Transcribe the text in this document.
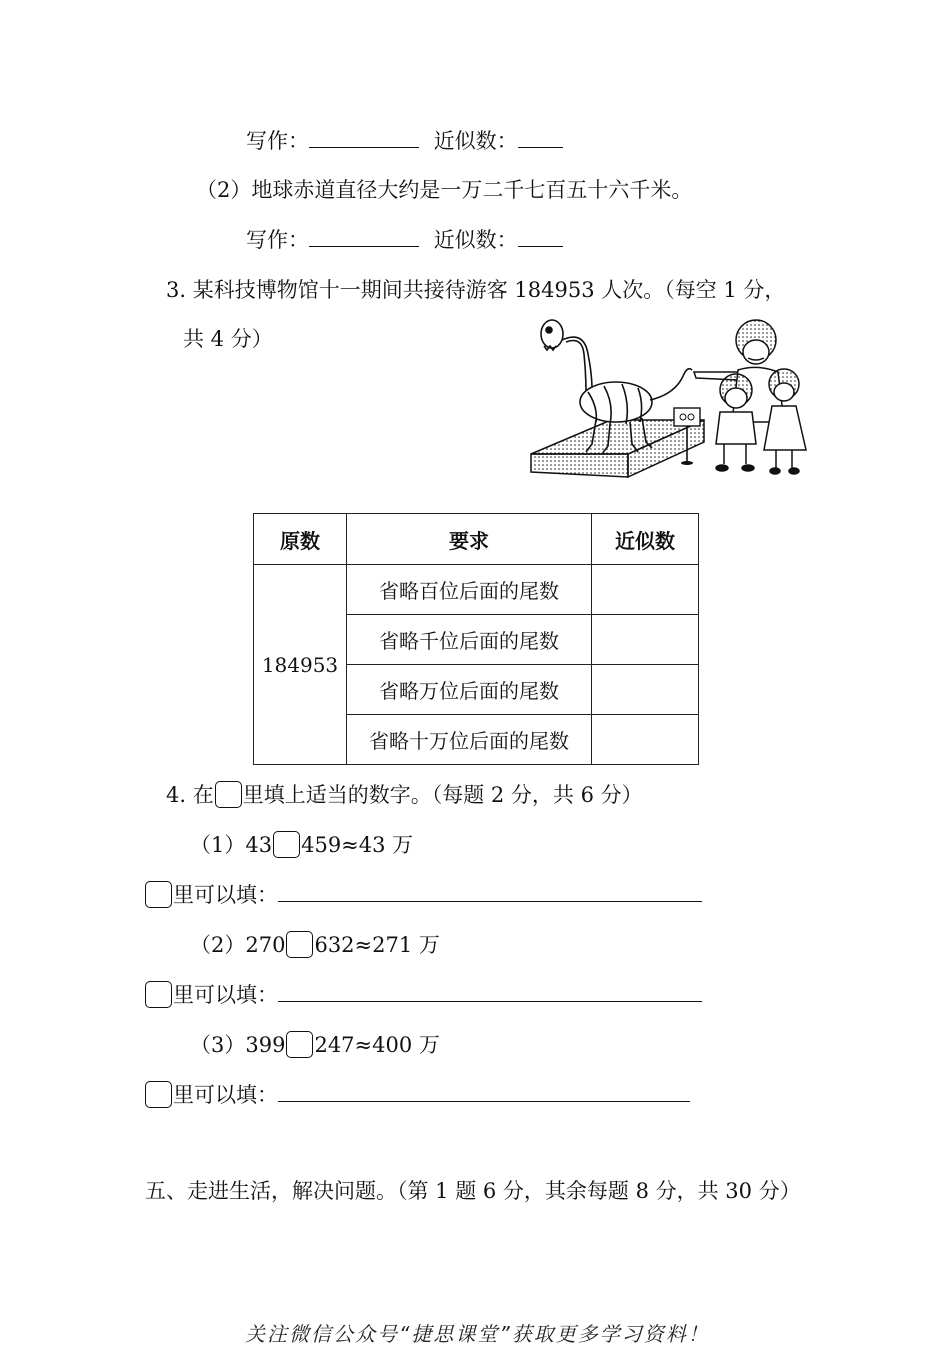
写作：	近似数：
（2）地球赤道直径大约是一万二千七百五十六千米。
写作：	近似数：
3. 某科技博物馆十一期间共接待游客 184953 人次。（每空 1 分，
共 4 分）
原数	要求	近似数
184953	省略百位后面的尾数	
	省略千位后面的尾数	
	省略万位后面的尾数	
	省略十万位后面的尾数	
4. 在 里填上适当的数字。（每题 2 分，共 6 分）
（1）43 459≈43 万
里可以填：
（2）270 632≈271 万
里可以填：
（3）399 247≈400 万
里可以填：
五、走进生活，解决问题。（第 1 题 6 分，其余每题 8 分，共 30 分）
关注微信公众号“捷思课堂”获取更多学习资料！
